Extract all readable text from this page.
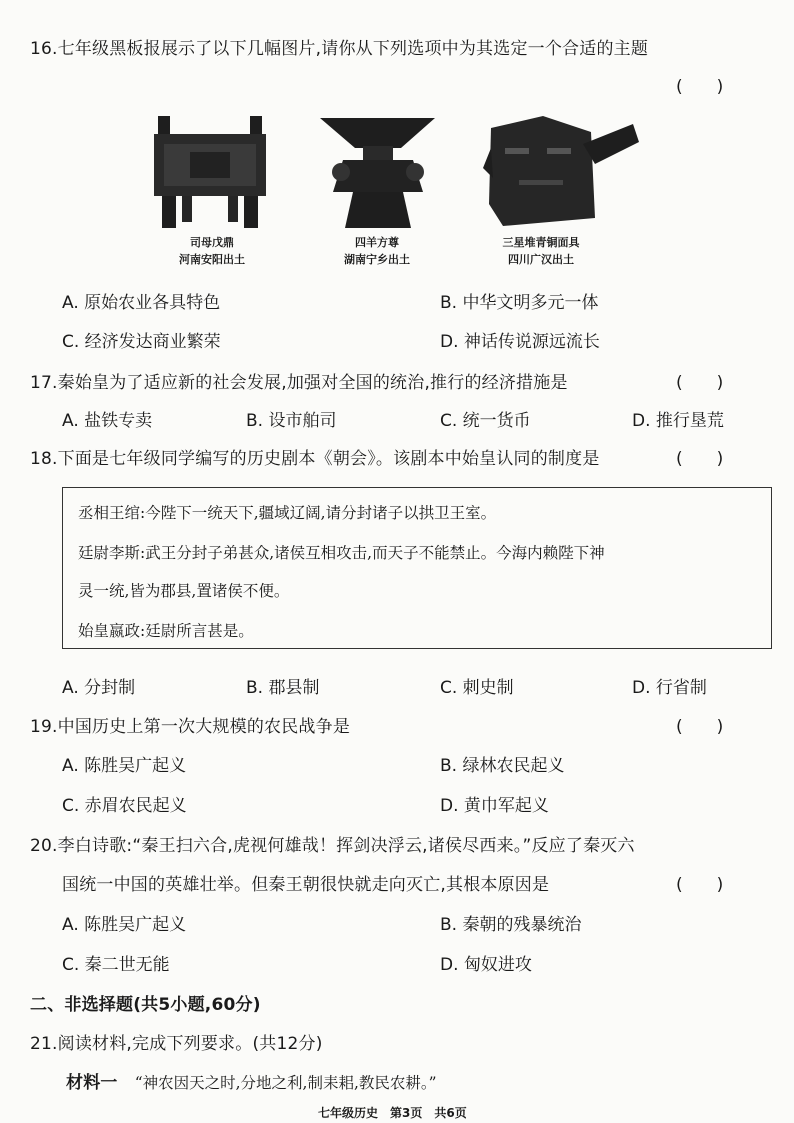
16.七年级黑板报展示了以下几幅图片,请你从下列选项中为其选定一个合适的主题
(　　)
司母戊鼎
河南安阳出土
四羊方尊
湖南宁乡出土
三星堆青铜面具
四川广汉出土
A. 原始农业各具特色	B. 中华文明多元一体
C. 经济发达商业繁荣	D. 神话传说源远流长
17.秦始皇为了适应新的社会发展,加强对全国的统治,推行的经济措施是	(　　)
A. 盐铁专卖	B. 设市舶司	C. 统一货币	D. 推行垦荒
18.下面是七年级同学编写的历史剧本《朝会》。该剧本中始皇认同的制度是	(　　)
丞相王绾:今陛下一统天下,疆域辽阔,请分封诸子以拱卫王室。
廷尉李斯:武王分封子弟甚众,诸侯互相攻击,而天子不能禁止。今海内赖陛下神
灵一统,皆为郡县,置诸侯不便。
始皇嬴政:廷尉所言甚是。
A. 分封制	B. 郡县制	C. 刺史制	D. 行省制
19.中国历史上第一次大规模的农民战争是	(　　)
A. 陈胜吴广起义	B. 绿林农民起义
C. 赤眉农民起义	D. 黄巾军起义
20.李白诗歌:“秦王扫六合,虎视何雄哉！挥剑决浮云,诸侯尽西来。”反应了秦灭六
国统一中国的英雄壮举。但秦王朝很快就走向灭亡,其根本原因是	(　　)
A. 陈胜吴广起义	B. 秦朝的残暴统治
C. 秦二世无能	D. 匈奴进攻
二、非选择题(共5小题,60分)
21.阅读材料,完成下列要求。(共12分)
材料一 “神农因天之时,分地之利,制耒耜,教民农耕。”
七年级历史　第3页　共6页
